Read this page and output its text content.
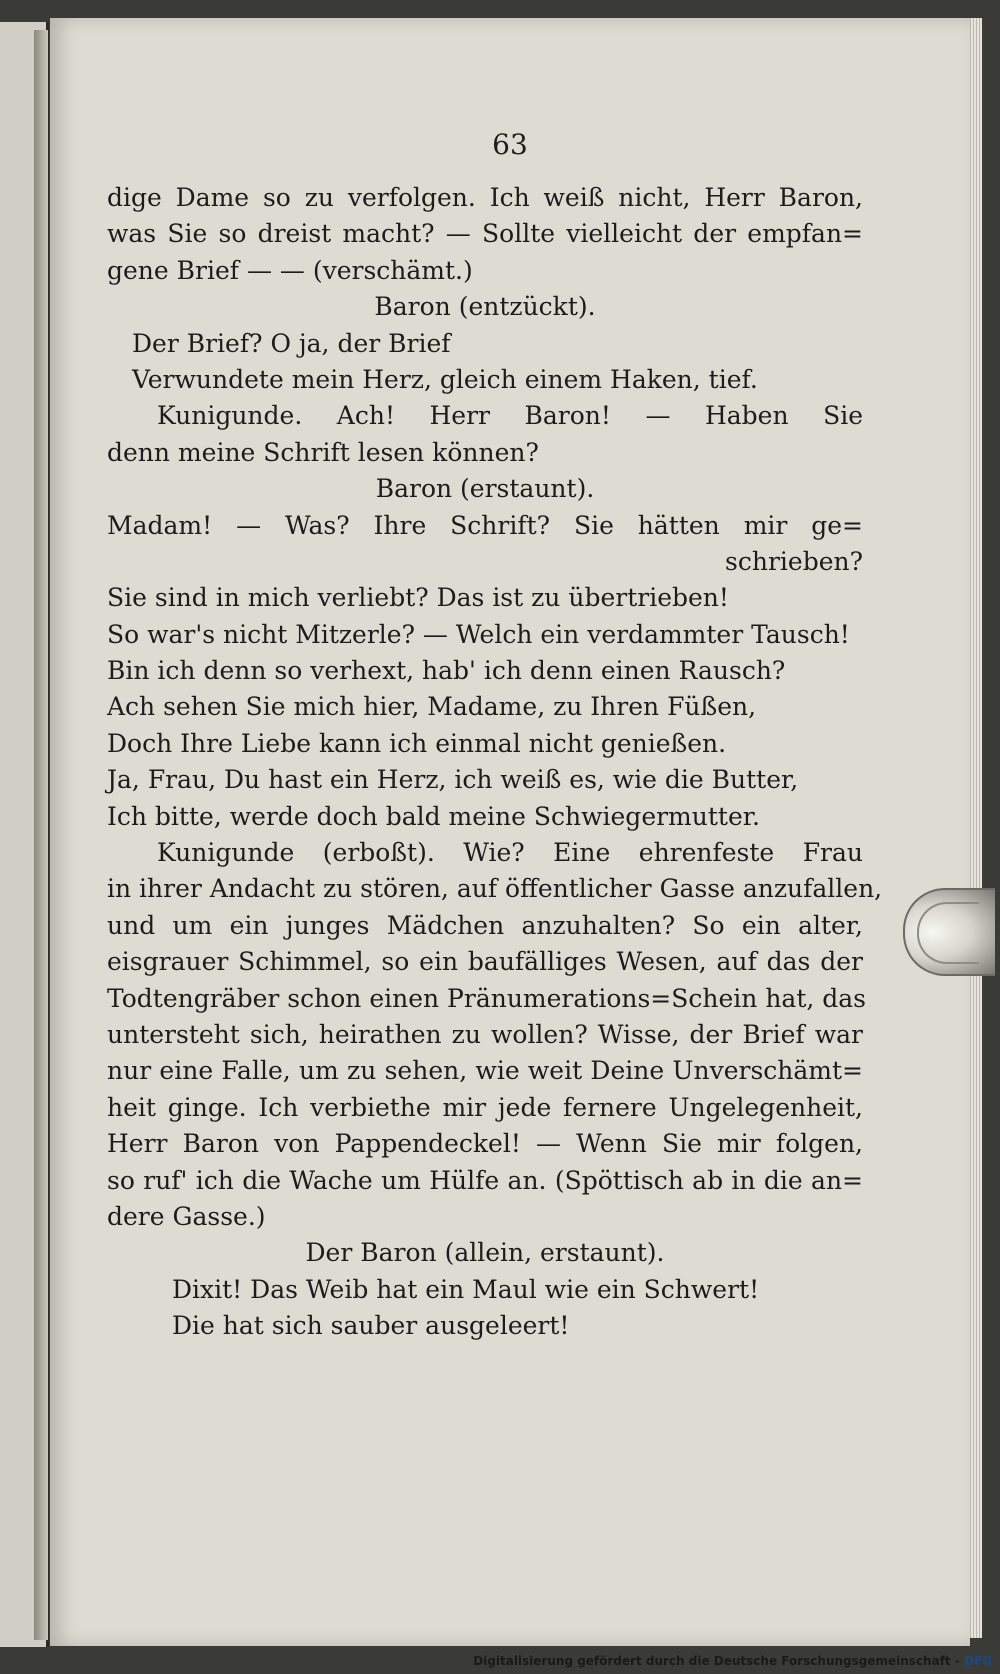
63
dige Dame so zu verfolgen. Ich weiß nicht, Herr Baron,
was Sie so dreist macht? — Sollte vielleicht der empfan=
gene Brief — — (verschämt.)
Baron (entzückt).
Der Brief? O ja, der Brief
Verwundete mein Herz, gleich einem Haken, tief.
Kunigunde. Ach! Herr Baron! — Haben Sie
denn meine Schrift lesen können?
Baron (erstaunt).
Madam! — Was? Ihre Schrift? Sie hätten mir ge=
schrieben?
Sie sind in mich verliebt? Das ist zu übertrieben!
So war's nicht Mitzerle? — Welch ein verdammter Tausch!
Bin ich denn so verhext, hab' ich denn einen Rausch?
Ach sehen Sie mich hier, Madame, zu Ihren Füßen,
Doch Ihre Liebe kann ich einmal nicht genießen.
Ja, Frau, Du hast ein Herz, ich weiß es, wie die Butter,
Ich bitte, werde doch bald meine Schwiegermutter.
Kunigunde (erboßt). Wie? Eine ehrenfeste Frau
in ihrer Andacht zu stören, auf öffentlicher Gasse anzufallen,
und um ein junges Mädchen anzuhalten? So ein alter,
eisgrauer Schimmel, so ein baufälliges Wesen, auf das der
Todtengräber schon einen Pränumerations=Schein hat, das
untersteht sich, heirathen zu wollen? Wisse, der Brief war
nur eine Falle, um zu sehen, wie weit Deine Unverschämt=
heit ginge. Ich verbiethe mir jede fernere Ungelegenheit,
Herr Baron von Pappendeckel! — Wenn Sie mir folgen,
so ruf' ich die Wache um Hülfe an. (Spöttisch ab in die an=
dere Gasse.)
Der Baron (allein, erstaunt).
Dixit! Das Weib hat ein Maul wie ein Schwert!
Die hat sich sauber ausgeleert!
Digitalisierung gefördert durch die Deutsche Forschungsgemeinschaft - DFG
